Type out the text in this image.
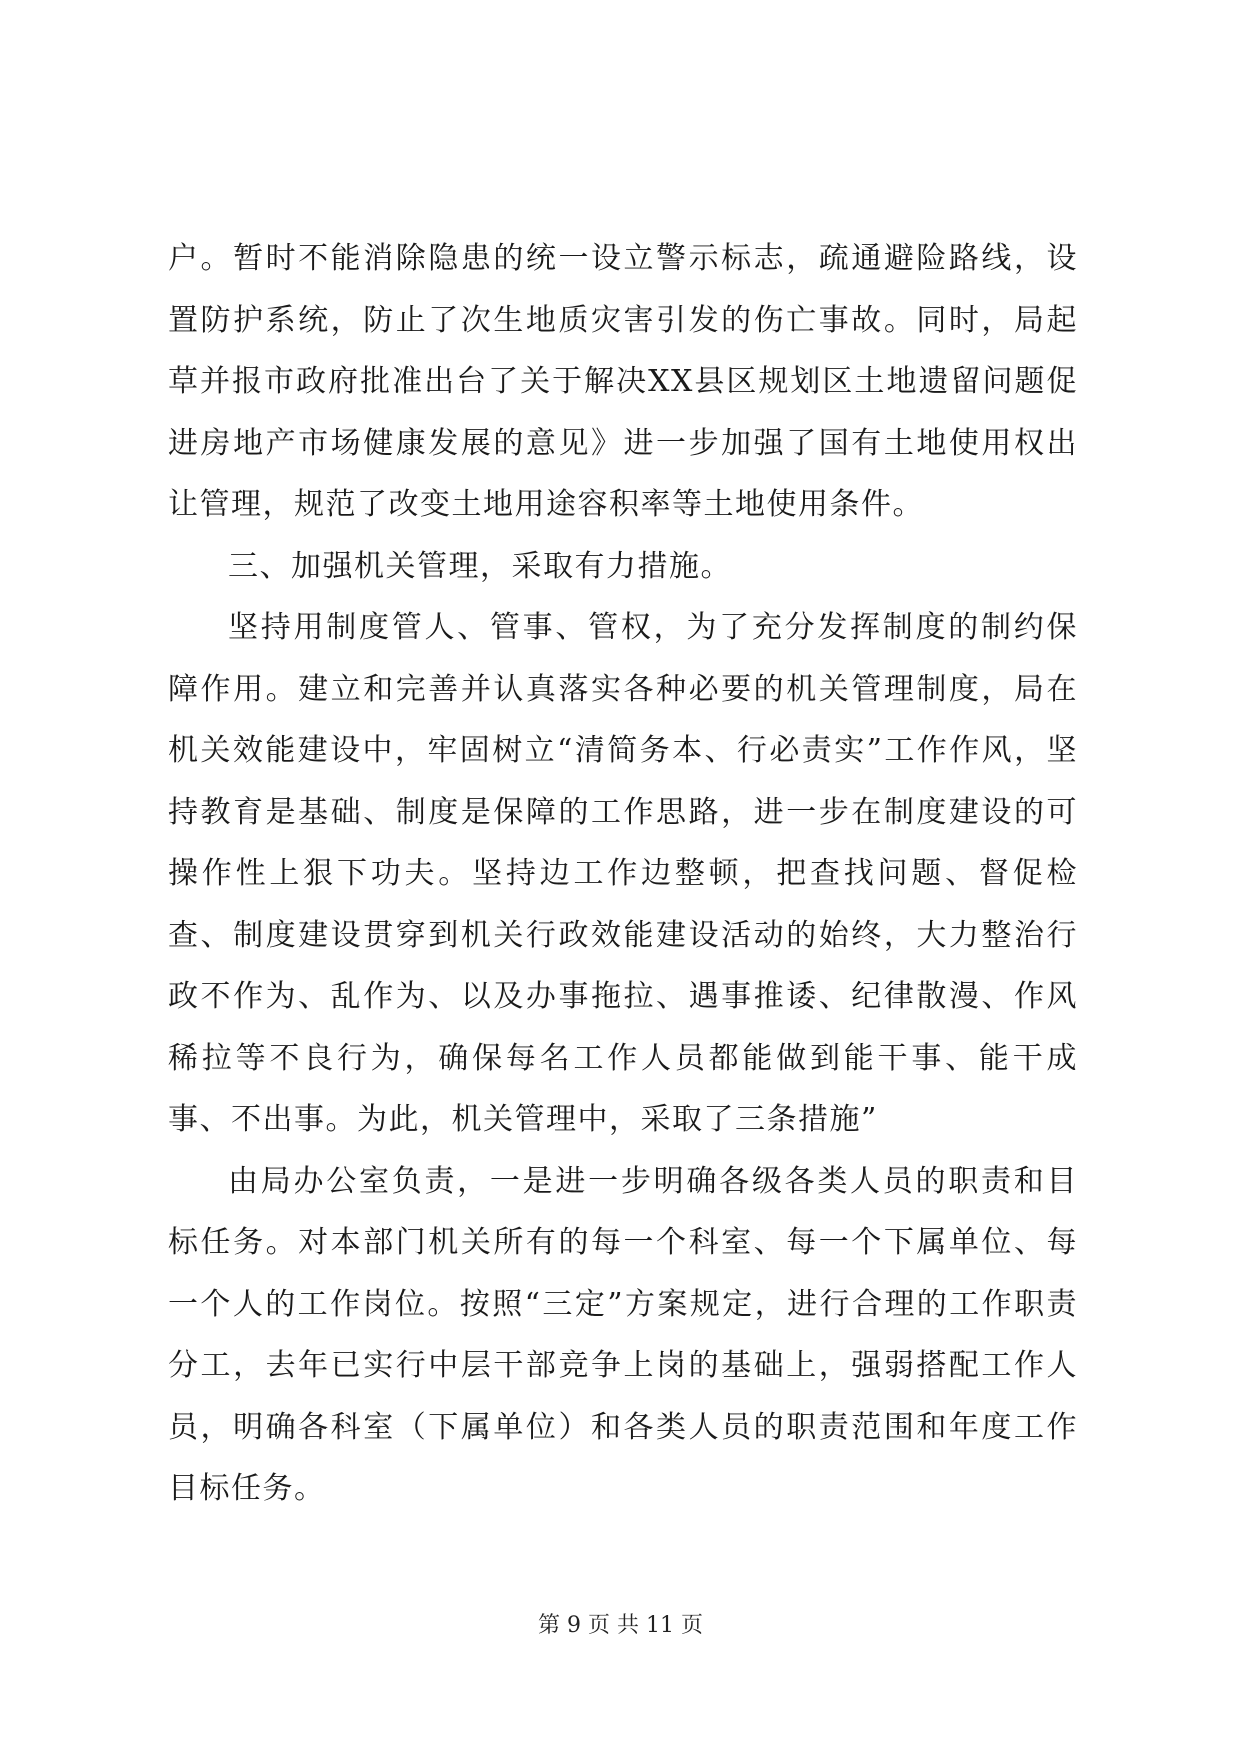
户。暂时不能消除隐患的统一设立警示标志，疏通避险路线，设置防护系统，防止了次生地质灾害引发的伤亡事故。同时，局起草并报市政府批准出台了关于解决XX县区规划区土地遗留问题促进房地产市场健康发展的意见》进一步加强了国有土地使用权出让管理，规范了改变土地用途容积率等土地使用条件。

三、加强机关管理，采取有力措施。

坚持用制度管人、管事、管权，为了充分发挥制度的制约保障作用。建立和完善并认真落实各种必要的机关管理制度，局在机关效能建设中，牢固树立“清简务本、行必责实”工作作风，坚持教育是基础、制度是保障的工作思路，进一步在制度建设的可操作性上狠下功夫。坚持边工作边整顿，把查找问题、督促检查、制度建设贯穿到机关行政效能建设活动的始终，大力整治行政不作为、乱作为、以及办事拖拉、遇事推诿、纪律散漫、作风稀拉等不良行为，确保每名工作人员都能做到能干事、能干成事、不出事。为此，机关管理中，采取了三条措施”

由局办公室负责，一是进一步明确各级各类人员的职责和目标任务。对本部门机关所有的每一个科室、每一个下属单位、每一个人的工作岗位。按照“三定”方案规定，进行合理的工作职责分工，去年已实行中层干部竞争上岗的基础上，强弱搭配工作人员，明确各科室（下属单位）和各类人员的职责范围和年度工作目标任务。

第 9 页 共 11 页
